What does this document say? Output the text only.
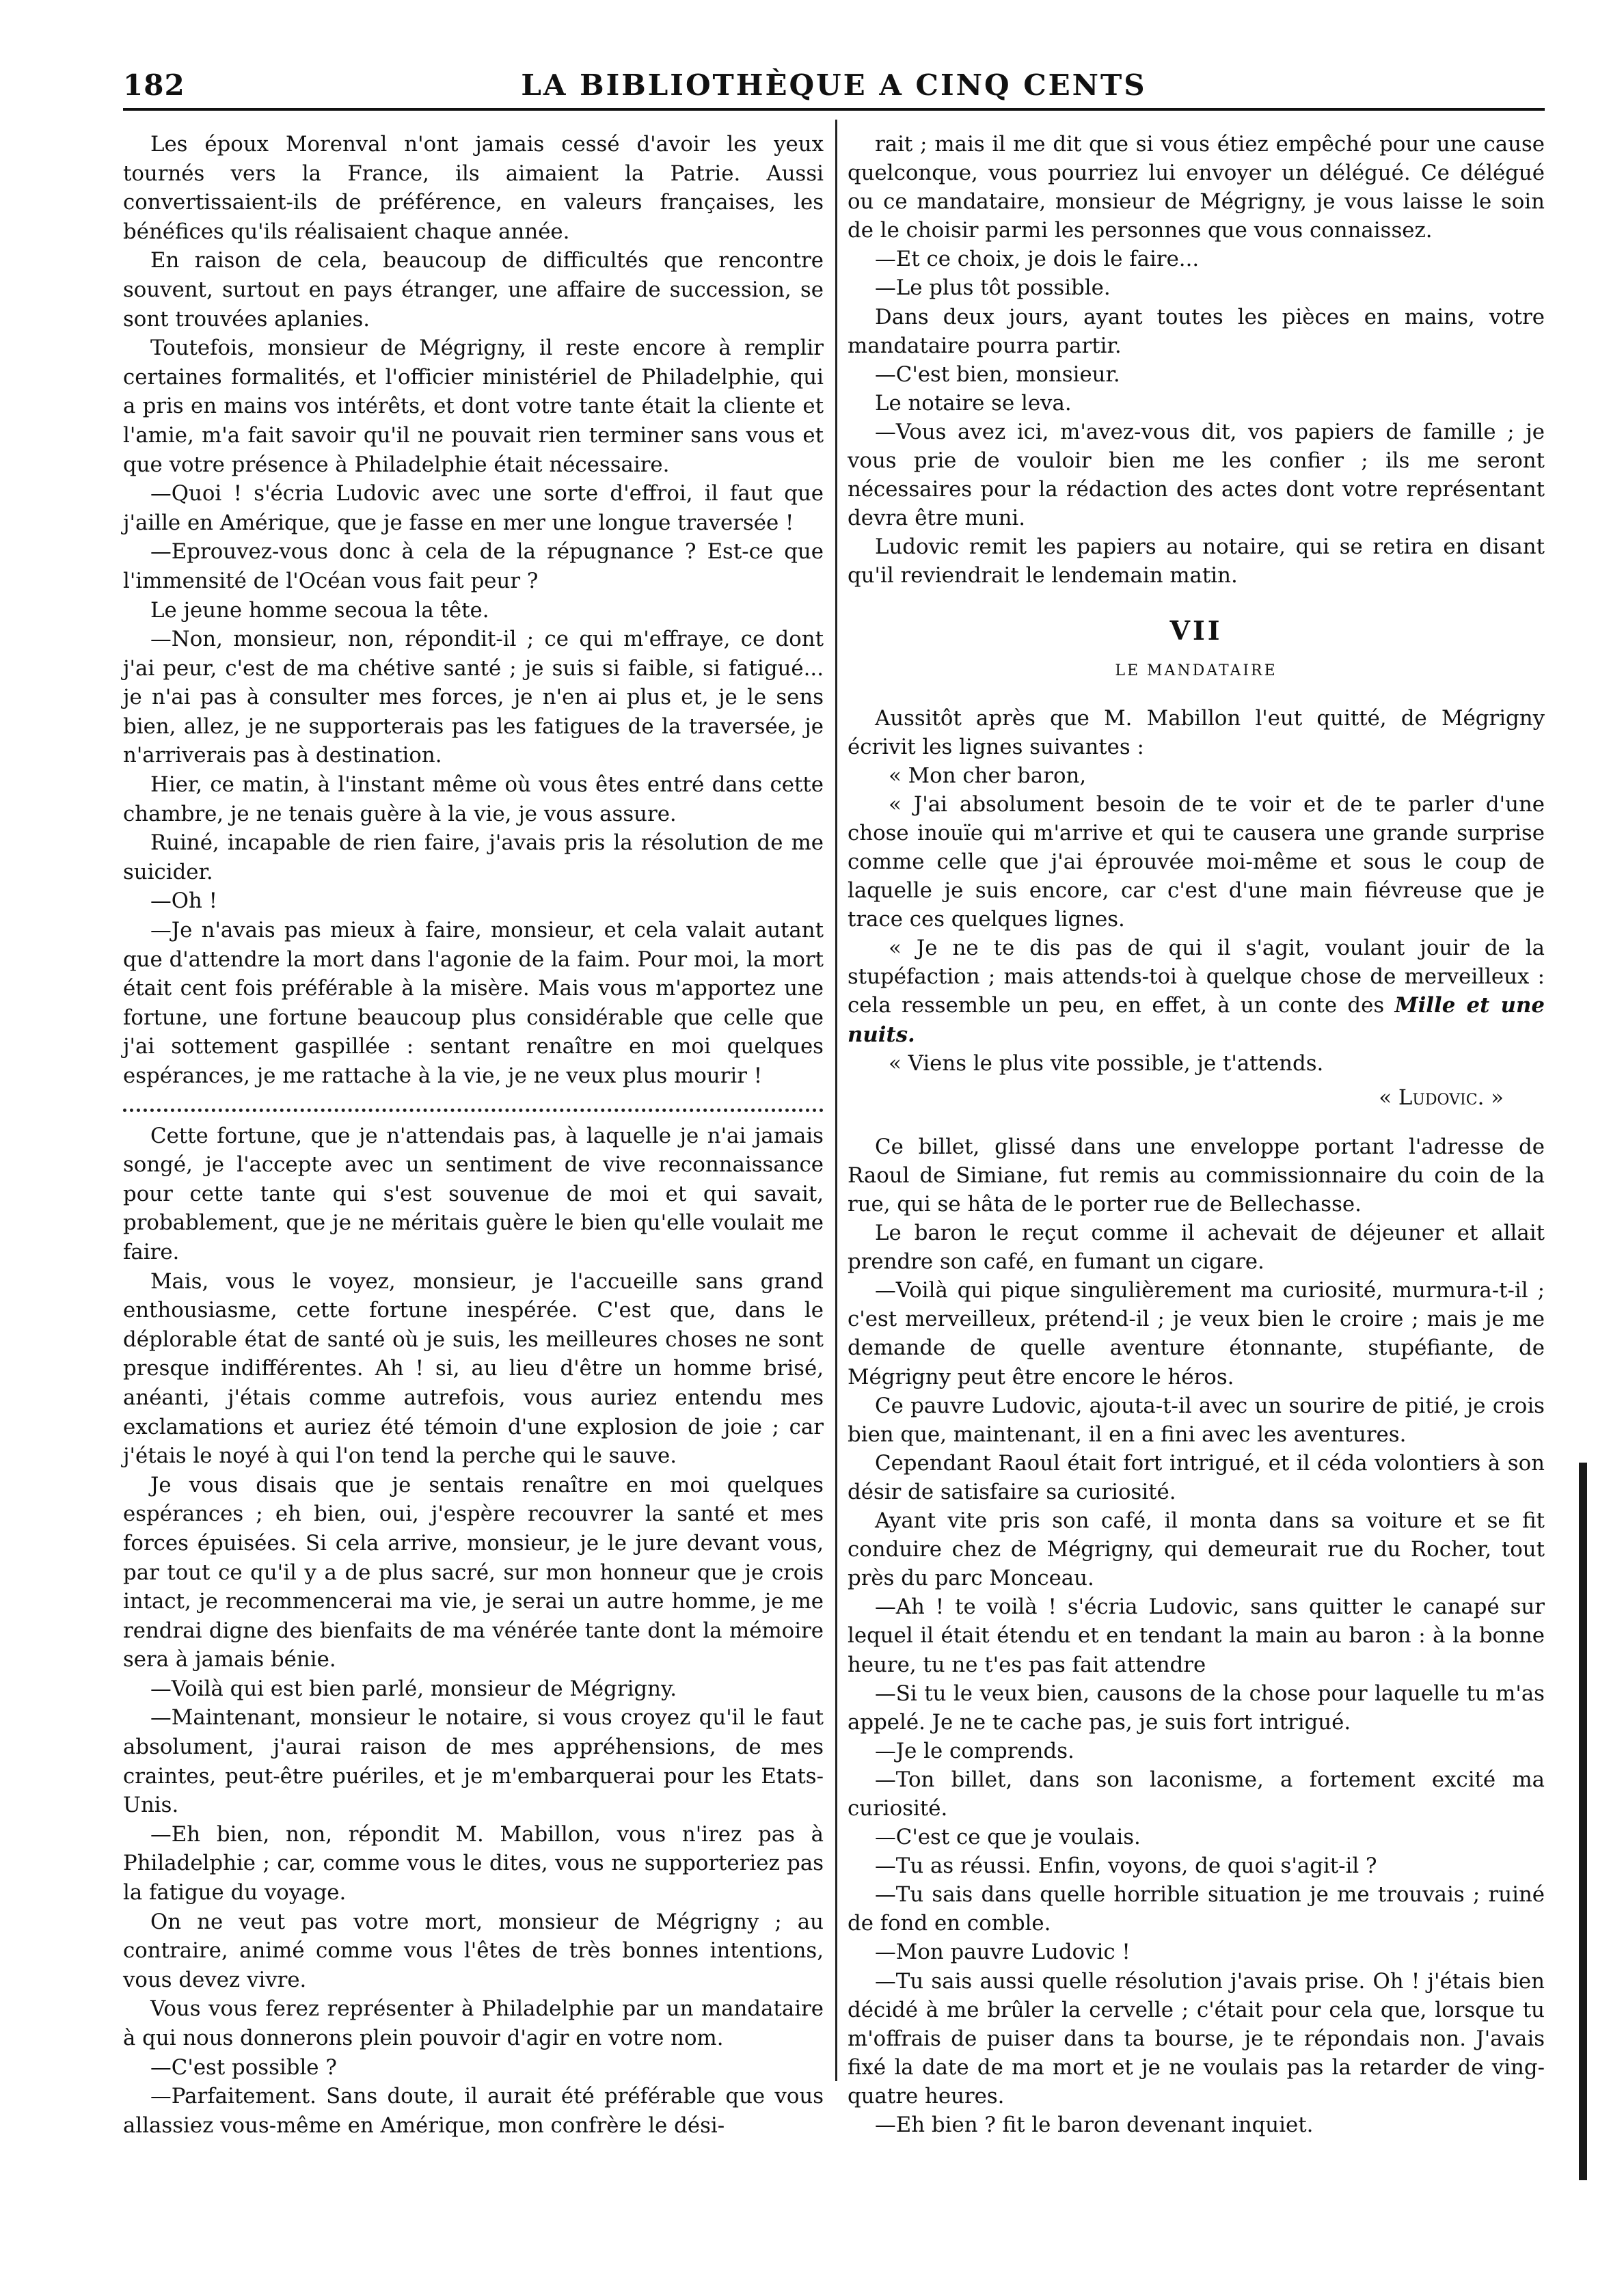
182	LA BIBLIOTHÈQUE A CINQ CENTS

Les époux Morenval n'ont jamais cessé d'avoir les yeux tournés vers la France, ils aimaient la Patrie. Aussi convertissaient-ils de préférence, en valeurs françaises, les bénéfices qu'ils réalisaient chaque année.

En raison de cela, beaucoup de difficultés que rencontre souvent, surtout en pays étranger, une affaire de succession, se sont trouvées aplanies.

Toutefois, monsieur de Mégrigny, il reste encore à remplir certaines formalités, et l'officier ministériel de Philadelphie, qui a pris en mains vos intérêts, et dont votre tante était la cliente et l'amie, m'a fait savoir qu'il ne pouvait rien terminer sans vous et que votre présence à Philadelphie était nécessaire.

—Quoi ! s'écria Ludovic avec une sorte d'effroi, il faut que j'aille en Amérique, que je fasse en mer une longue traversée !

—Eprouvez-vous donc à cela de la répugnance ? Est-ce que l'immensité de l'Océan vous fait peur ?

Le jeune homme secoua la tête.

—Non, monsieur, non, répondit-il ; ce qui m'effraye, ce dont j'ai peur, c'est de ma chétive santé ; je suis si faible, si fatigué... je n'ai pas à consulter mes forces, je n'en ai plus et, je le sens bien, allez, je ne supporterais pas les fatigues de la traversée, je n'arriverais pas à destination.

Hier, ce matin, à l'instant même où vous êtes entré dans cette chambre, je ne tenais guère à la vie, je vous assure.

Ruiné, incapable de rien faire, j'avais pris la résolution de me suicider.

—Oh !

—Je n'avais pas mieux à faire, monsieur, et cela valait autant que d'attendre la mort dans l'agonie de la faim. Pour moi, la mort était cent fois préférable à la misère. Mais vous m'apportez une fortune, une fortune beaucoup plus considérable que celle que j'ai sottement gaspillée : sentant renaître en moi quelques espérances, je me rattache à la vie, je ne veux plus mourir !

Cette fortune, que je n'attendais pas, à laquelle je n'ai jamais songé, je l'accepte avec un sentiment de vive reconnaissance pour cette tante qui s'est souvenue de moi et qui savait, probablement, que je ne méritais guère le bien qu'elle voulait me faire.

Mais, vous le voyez, monsieur, je l'accueille sans grand enthousiasme, cette fortune inespérée. C'est que, dans le déplorable état de santé où je suis, les meilleures choses ne sont presque indifférentes. Ah ! si, au lieu d'être un homme brisé, anéanti, j'étais comme autrefois, vous auriez entendu mes exclamations et auriez été témoin d'une explosion de joie ; car j'étais le noyé à qui l'on tend la perche qui le sauve.

Je vous disais que je sentais renaître en moi quelques espérances ; eh bien, oui, j'espère recouvrer la santé et mes forces épuisées. Si cela arrive, monsieur, je le jure devant vous, par tout ce qu'il y a de plus sacré, sur mon honneur que je crois intact, je recommencerai ma vie, je serai un autre homme, je me rendrai digne des bienfaits de ma vénérée tante dont la mémoire sera à jamais bénie.

—Voilà qui est bien parlé, monsieur de Mégrigny.

—Maintenant, monsieur le notaire, si vous croyez qu'il le faut absolument, j'aurai raison de mes appréhensions, de mes craintes, peut-être puériles, et je m'embarquerai pour les Etats-Unis.

—Eh bien, non, répondit M. Mabillon, vous n'irez pas à Philadelphie ; car, comme vous le dites, vous ne supporteriez pas la fatigue du voyage.

On ne veut pas votre mort, monsieur de Mégrigny ; au contraire, animé comme vous l'êtes de très bonnes intentions, vous devez vivre.

Vous vous ferez représenter à Philadelphie par un mandataire à qui nous donnerons plein pouvoir d'agir en votre nom.

—C'est possible ?

—Parfaitement. Sans doute, il aurait été préférable que vous allassiez vous-même en Amérique, mon confrère le dési-

rait ; mais il me dit que si vous étiez empêché pour une cause quelconque, vous pourriez lui envoyer un délégué. Ce délégué ou ce mandataire, monsieur de Mégrigny, je vous laisse le soin de le choisir parmi les personnes que vous connaissez.

—Et ce choix, je dois le faire...

—Le plus tôt possible.

Dans deux jours, ayant toutes les pièces en mains, votre mandataire pourra partir.

—C'est bien, monsieur.

Le notaire se leva.

—Vous avez ici, m'avez-vous dit, vos papiers de famille ; je vous prie de vouloir bien me les confier ; ils me seront nécessaires pour la rédaction des actes dont votre représentant devra être muni.

Ludovic remit les papiers au notaire, qui se retira en disant qu'il reviendrait le lendemain matin.

VII
LE MANDATAIRE

Aussitôt après que M. Mabillon l'eut quitté, de Mégrigny écrivit les lignes suivantes :

« Mon cher baron,

« J'ai absolument besoin de te voir et de te parler d'une chose inouïe qui m'arrive et qui te causera une grande surprise comme celle que j'ai éprouvée moi-même et sous le coup de laquelle je suis encore, car c'est d'une main fiévreuse que je trace ces quelques lignes.

« Je ne te dis pas de qui il s'agit, voulant jouir de la stupéfaction ; mais attends-toi à quelque chose de merveilleux : cela ressemble un peu, en effet, à un conte des Mille et une nuits.

« Viens le plus vite possible, je t'attends.

« Ludovic. »

Ce billet, glissé dans une enveloppe portant l'adresse de Raoul de Simiane, fut remis au commissionnaire du coin de la rue, qui se hâta de le porter rue de Bellechasse.

Le baron le reçut comme il achevait de déjeuner et allait prendre son café, en fumant un cigare.

—Voilà qui pique singulièrement ma curiosité, murmura-t-il ; c'est merveilleux, prétend-il ; je veux bien le croire ; mais je me demande de quelle aventure étonnante, stupéfiante, de Mégrigny peut être encore le héros.

Ce pauvre Ludovic, ajouta-t-il avec un sourire de pitié, je crois bien que, maintenant, il en a fini avec les aventures.

Cependant Raoul était fort intrigué, et il céda volontiers à son désir de satisfaire sa curiosité.

Ayant vite pris son café, il monta dans sa voiture et se fit conduire chez de Mégrigny, qui demeurait rue du Rocher, tout près du parc Monceau.

—Ah ! te voilà ! s'écria Ludovic, sans quitter le canapé sur lequel il était étendu et en tendant la main au baron : à la bonne heure, tu ne t'es pas fait attendre

—Si tu le veux bien, causons de la chose pour laquelle tu m'as appelé. Je ne te cache pas, je suis fort intrigué.

—Je le comprends.

—Ton billet, dans son laconisme, a fortement excité ma curiosité.

—C'est ce que je voulais.

—Tu as réussi. Enfin, voyons, de quoi s'agit-il ?

—Tu sais dans quelle horrible situation je me trouvais ; ruiné de fond en comble.

—Mon pauvre Ludovic !

—Tu sais aussi quelle résolution j'avais prise. Oh ! j'étais bien décidé à me brûler la cervelle ; c'était pour cela que, lorsque tu m'offrais de puiser dans ta bourse, je te répondais non. J'avais fixé la date de ma mort et je ne voulais pas la retarder de ving-quatre heures.

—Eh bien ? fit le baron devenant inquiet.
